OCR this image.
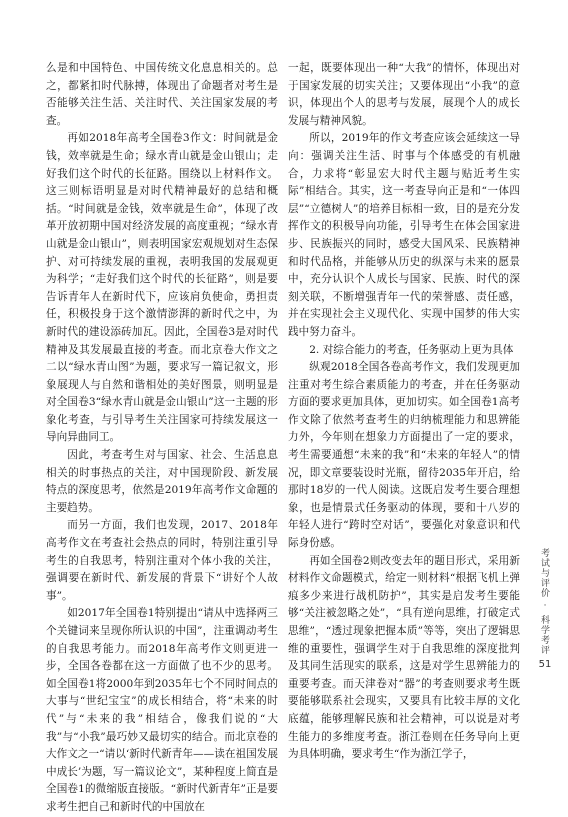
么是和中国特色、中国传统文化息息相关的。总之，都紧扣时代脉搏，体现出了命题者对考生是否能够关注生活、关注时代、关注国家发展的考查。

再如2018年高考全国卷3作文：时间就是金钱，效率就是生命；绿水青山就是金山银山；走好我们这个时代的长征路。围绕以上材料作文。这三则标语明显是对时代精神最好的总结和概括。“时间就是金钱，效率就是生命”，体现了改革开放初期中国对经济发展的高度重视；“绿水青山就是金山银山”，则表明国家宏观规划对生态保护、对可持续发展的重视，表明我国的发展观更为科学；“走好我们这个时代的长征路”，则是要告诉青年人在新时代下，应该肩负使命，勇担责任，积极投身于这个激情澎湃的新时代之中，为新时代的建设添砖加瓦。因此，全国卷3是对时代精神及其发展最直接的考查。而北京卷大作文之二以“绿水青山图”为题，要求写一篇记叙文，形象展现人与自然和谐相处的美好图景，则明显是对全国卷3“绿水青山就是金山银山”这一主题的形象化考查，与引导考生关注国家可持续发展这一导向异曲同工。

因此，考查考生对与国家、社会、生活息息相关的时事热点的关注，对中国现阶段、新发展特点的深度思考，依然是2019年高考作文命题的主要趋势。

而另一方面，我们也发现，2017、2018年高考作文在考查社会热点的同时，特别注重引导考生的自我思考，特别注重对个体小我的关注，强调要在新时代、新发展的背景下“讲好个人故事”。

如2017年全国卷1特别提出“请从中选择两三个关键词来呈现你所认识的中国”，注重调动考生的自我思考能力。而2018年高考作文则更进一步，全国各卷都在这一方面做了也不少的思考。如全国卷1将2000年到2035年七个不同时间点的大事与“世纪宝宝”的成长相结合，将“未来的时代”与“未来的我”相结合，像我们说的“大我”与“小我”最巧妙又最切实的结合。而北京卷的大作文之一“请以‘新时代新青年——读在祖国发展中成长’为题，写一篇议论文”，某种程度上简直是全国卷1的微缩版直接版。“新时代新青年”正是要求考生把自己和新时代的中国放在

一起，既要体现出一种“大我”的情怀，体现出对于国家发展的切实关注；又要体现出“小我”的意识，体现出个人的思考与发展，展现个人的成长发展与精神风貌。

所以，2019年的作文考查应该会延续这一导向：强调关注生活、时事与个体感受的有机融合，力求将“彰显宏大时代主题与贴近考生实际”相结合。其实，这一考查导向正是和“一体四层”“立德树人”的培养目标相一致，目的是充分发挥作文的积极导向功能，引导考生在体会国家进步、民族振兴的同时，感受大国风采、民族精神和时代品格，并能够从历史的纵深与未来的愿景中，充分认识个人成长与国家、民族、时代的深刻关联，不断增强青年一代的荣誉感、责任感，并在实现社会主义现代化、实现中国梦的伟大实践中努力奋斗。

2. 对综合能力的考查，任务驱动上更为具体

纵观2018全国各卷高考作文，我们发现更加注重对考生综合素质能力的考查，并在任务驱动方面的要求更加具体，更加切实。如全国卷1高考作文除了依然考查考生的归纳梳理能力和思辨能力外，今年则在想象力方面提出了一定的要求，考生需要通想“未来的我”和“未来的年轻人”的情况，即文章要装设时光瓶，留待2035年开启，给那时18岁的一代人阅读。这既启发考生要合理想象，也是情景式任务驱动的体现，要和十八岁的年轻人进行“跨时空对话”，要强化对象意识和代际身份感。

再如全国卷2则改变去年的题目形式，采用新材料作文命题模式，给定一则材料“根据飞机上弹痕多少来进行战机防护”，其实是启发考生要能够“关注被忽略之处”，“具有逆向思维，打破定式思维”，“透过现象把握本质”等等，突出了逻辑思维的重要性，强调学生对于自我思维的深度批判及其同生活现实的联系，这是对学生思辨能力的重要考查。而天津卷对“器”的考查则要求考生既要能够联系社会现实，又要具有比较丰厚的文化底蕴，能够理解民族和社会精神，可以说是对考生能力的多维度考查。浙江卷则在任务导向上更为具体明确，要求考生“作为浙江学子，

考试与评价
·
科学考评
51
